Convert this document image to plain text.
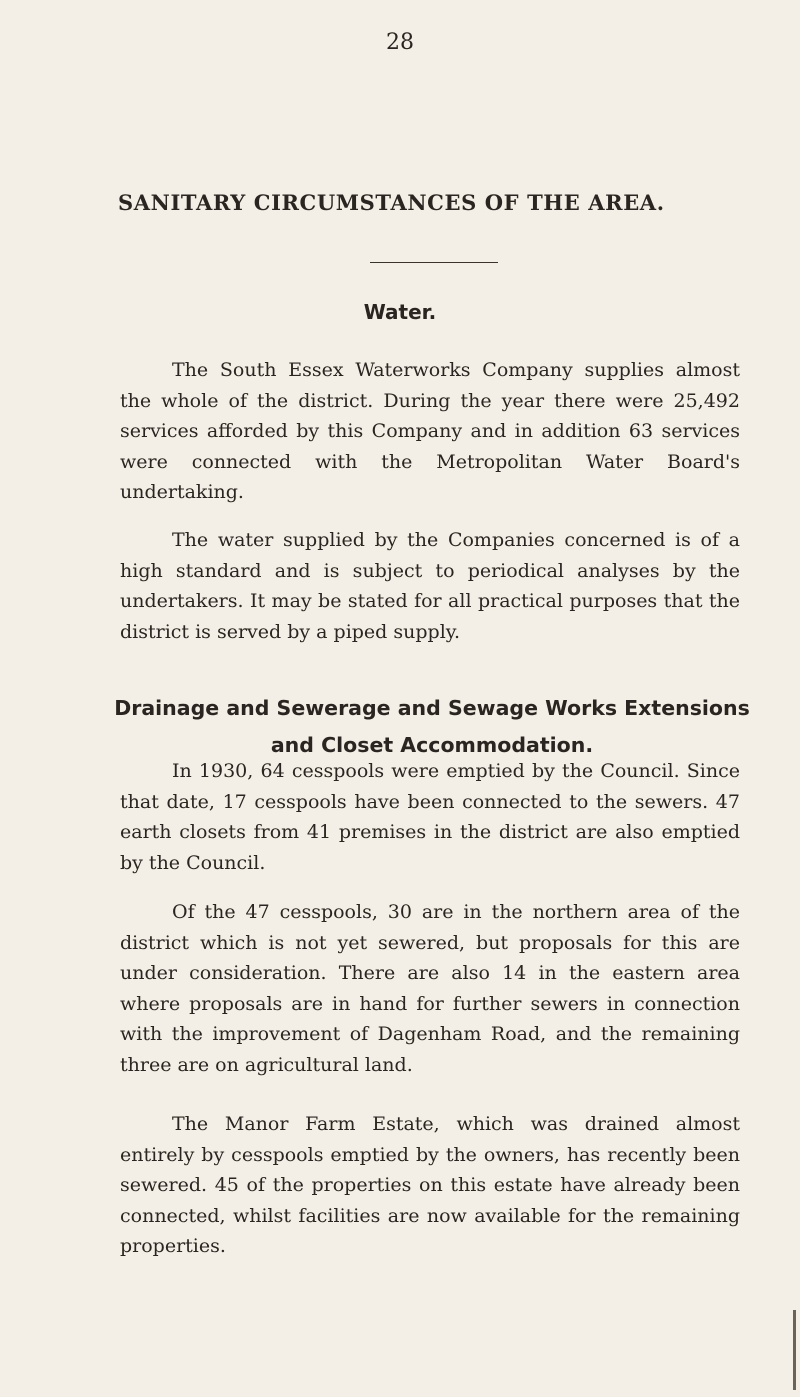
28
SANITARY CIRCUMSTANCES OF THE AREA.
Water.

The South Essex Waterworks Company supplies almost the whole of the district. During the year there were 25,492 services afforded by this Company and in addition 63 services were connected with the Metropolitan Water Board's undertaking.

The water supplied by the Companies concerned is of a high standard and is subject to periodical analyses by the undertakers. It may be stated for all practical purposes that the district is served by a piped supply.

Drainage and Sewerage and Sewage Works Extensions and Closet Accommodation.

In 1930, 64 cesspools were emptied by the Council. Since that date, 17 cesspools have been connected to the sewers. 47 earth closets from 41 premises in the district are also emptied by the Council.

Of the 47 cesspools, 30 are in the northern area of the district which is not yet sewered, but proposals for this are under consideration. There are also 14 in the eastern area where proposals are in hand for further sewers in connection with the improvement of Dagenham Road, and the remaining three are on agricultural land.

The Manor Farm Estate, which was drained almost entirely by cesspools emptied by the owners, has recently been sewered. 45 of the properties on this estate have already been connected, whilst facilities are now available for the remaining properties.
